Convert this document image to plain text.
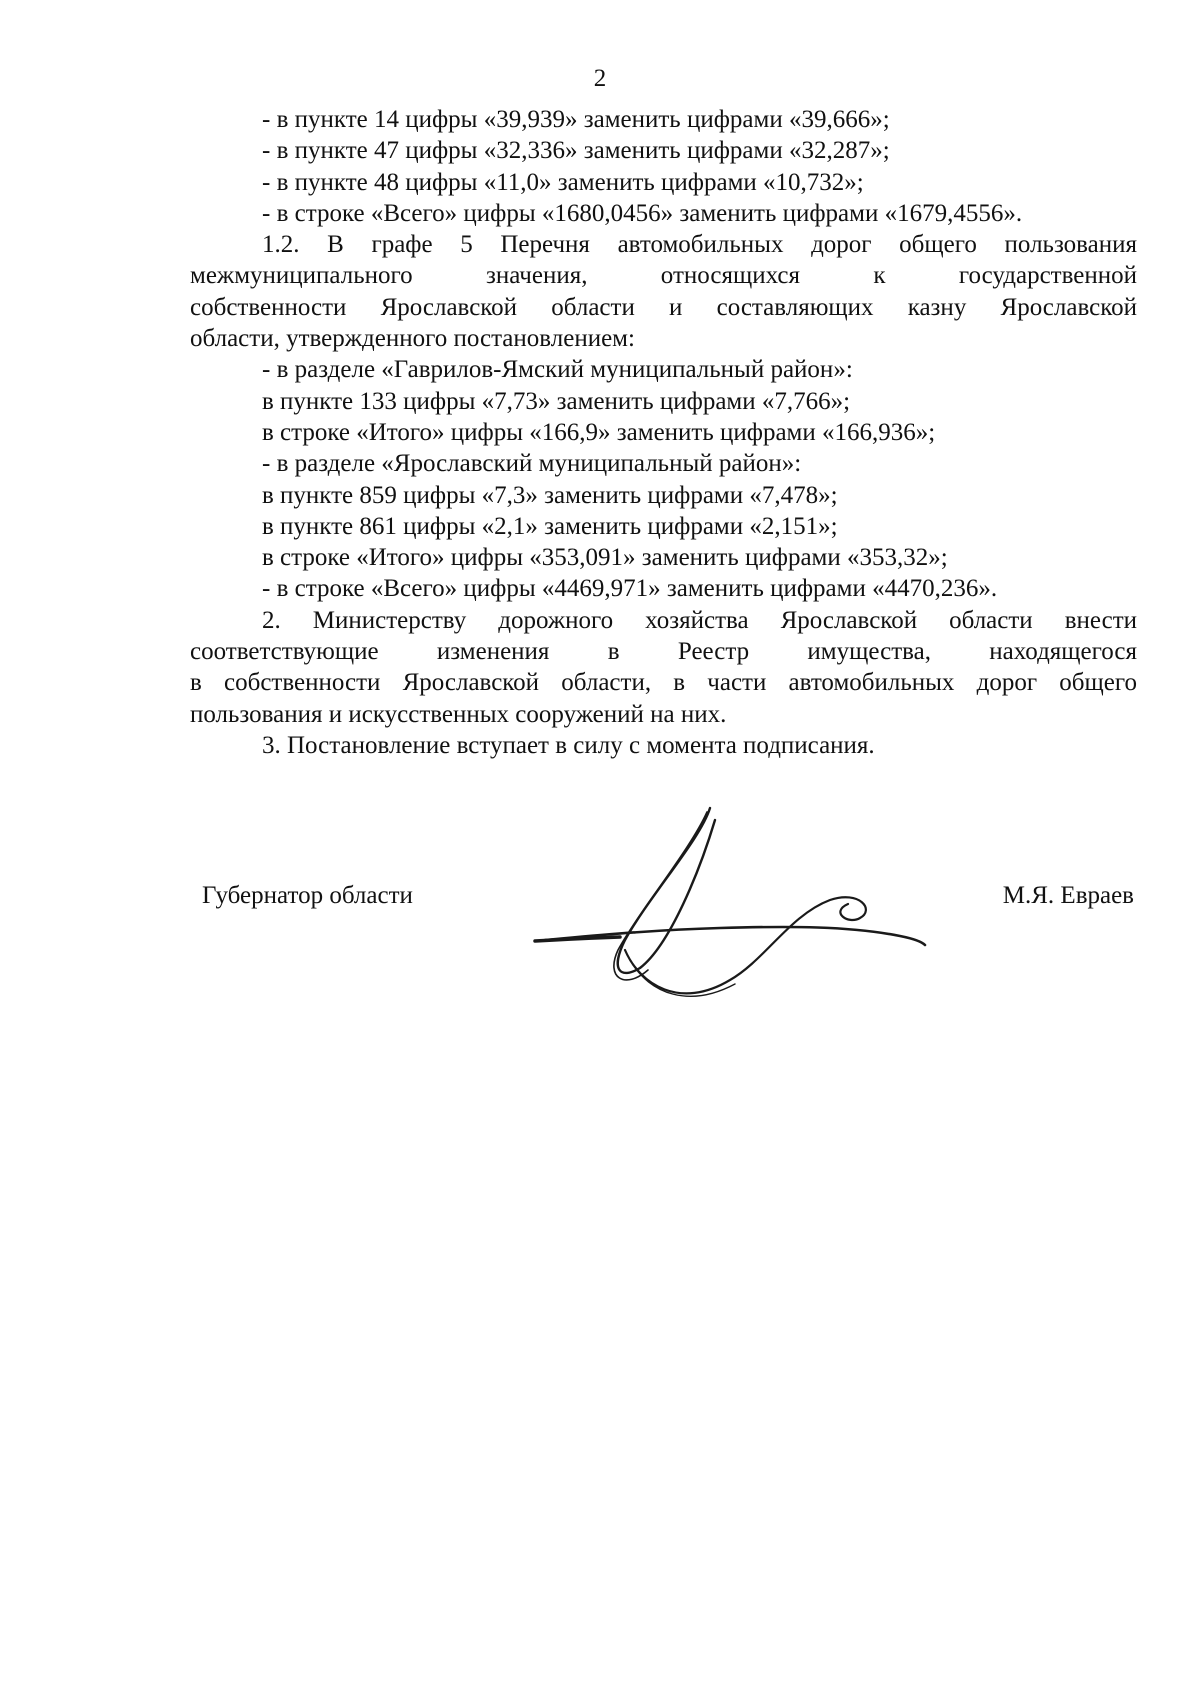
2
- в пункте 14 цифры «39,939» заменить цифрами «39,666»;
- в пункте 47 цифры «32,336» заменить цифрами «32,287»;
- в пункте 48 цифры «11,0» заменить цифрами «10,732»;
- в строке «Всего» цифры «1680,0456» заменить цифрами «1679,4556».
1.2. В графе 5 Перечня автомобильных дорог общего пользования
межмуниципального значения, относящихся к государственной
собственности Ярославской области и составляющих казну Ярославской
области, утвержденного постановлением:
- в разделе «Гаврилов-Ямский муниципальный район»:
в пункте 133 цифры «7,73» заменить цифрами «7,766»;
в строке «Итого» цифры «166,9» заменить цифрами «166,936»;
- в разделе «Ярославский муниципальный район»:
в пункте 859 цифры «7,3» заменить цифрами «7,478»;
в пункте 861 цифры «2,1» заменить цифрами «2,151»;
в строке «Итого» цифры «353,091» заменить цифрами «353,32»;
- в строке «Всего» цифры «4469,971» заменить цифрами «4470,236».
2. Министерству дорожного хозяйства Ярославской области внести
соответствующие изменения в Реестр имущества, находящегося
в собственности Ярославской области, в части автомобильных дорог общего
пользования и искусственных сооружений на них.
3. Постановление вступает в силу с момента подписания.
Губернатор области	М.Я. Евраев
